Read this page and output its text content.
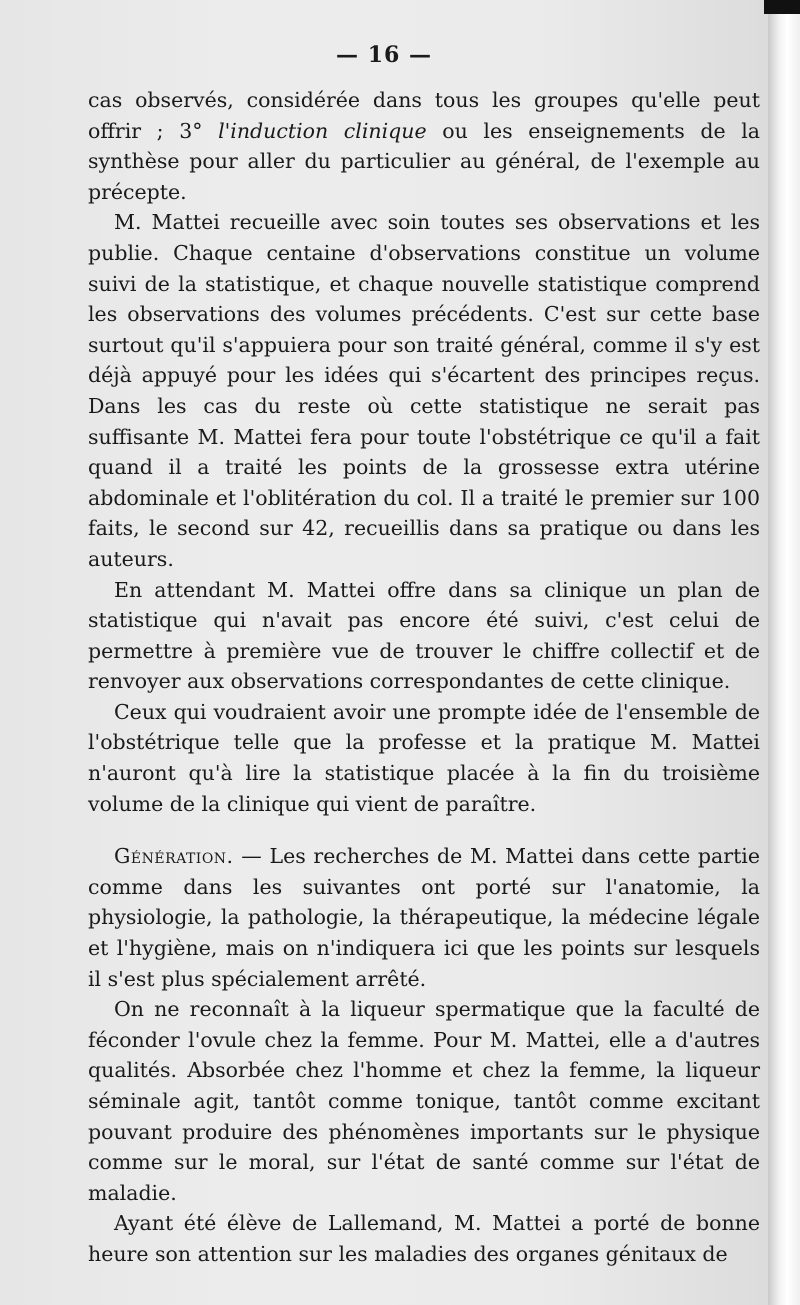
— 16 —

cas observés, considérée dans tous les groupes qu'elle peut offrir ; 3° l'induction clinique ou les enseignements de la synthèse pour aller du particulier au général, de l'exemple au précepte.

M. Mattei recueille avec soin toutes ses observations et les publie. Chaque centaine d'observations constitue un volume suivi de la statistique, et chaque nouvelle statistique comprend les observations des volumes précédents. C'est sur cette base surtout qu'il s'appuiera pour son traité général, comme il s'y est déjà appuyé pour les idées qui s'écartent des principes reçus. Dans les cas du reste où cette statistique ne serait pas suffisante M. Mattei fera pour toute l'obstétrique ce qu'il a fait quand il a traité les points de la grossesse extra utérine abdominale et l'oblitération du col. Il a traité le premier sur 100 faits, le second sur 42, recueillis dans sa pratique ou dans les auteurs.

En attendant M. Mattei offre dans sa clinique un plan de statistique qui n'avait pas encore été suivi, c'est celui de permettre à première vue de trouver le chiffre collectif et de renvoyer aux observations correspondantes de cette clinique.

Ceux qui voudraient avoir une prompte idée de l'ensemble de l'obstétrique telle que la professe et la pratique M. Mattei n'auront qu'à lire la statistique placée à la fin du troisième volume de la clinique qui vient de paraître.

Génération. — Les recherches de M. Mattei dans cette partie comme dans les suivantes ont porté sur l'anatomie, la physiologie, la pathologie, la thérapeutique, la médecine légale et l'hygiène, mais on n'indiquera ici que les points sur lesquels il s'est plus spécialement arrêté.

On ne reconnaît à la liqueur spermatique que la faculté de féconder l'ovule chez la femme. Pour M. Mattei, elle a d'autres qualités. Absorbée chez l'homme et chez la femme, la liqueur séminale agit, tantôt comme tonique, tantôt comme excitant pouvant produire des phénomènes importants sur le physique comme sur le moral, sur l'état de santé comme sur l'état de maladie.

Ayant été élève de Lallemand, M. Mattei a porté de bonne heure son attention sur les maladies des organes génitaux de
